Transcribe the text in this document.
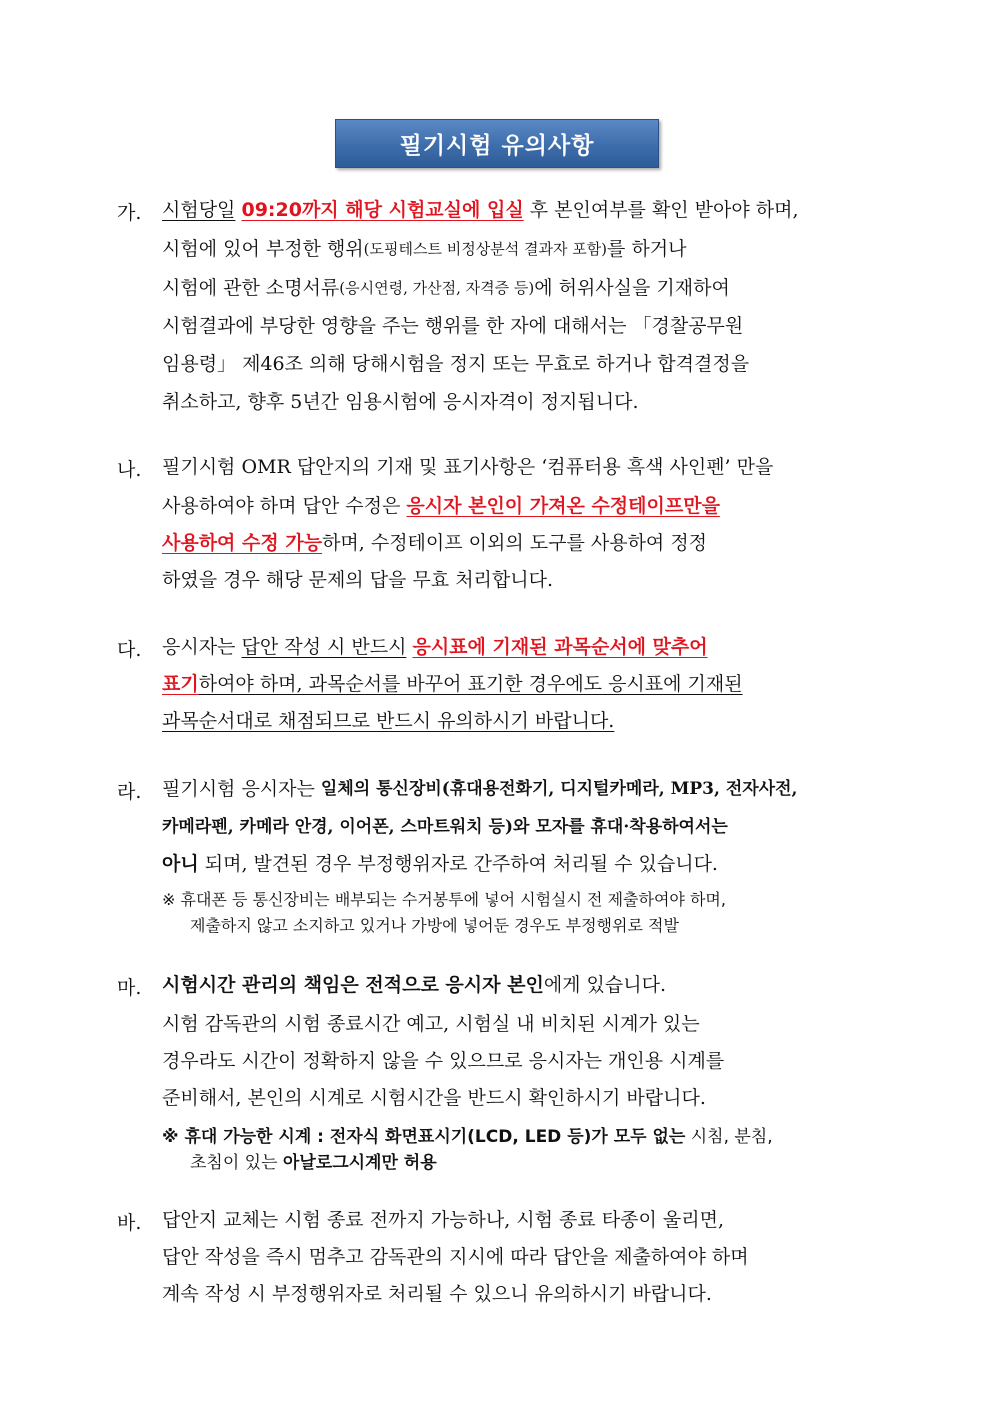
필기시험 유의사항
가. 시험당일
09:20까지 해당 시험교실에 입실
후 본인여부를 확인 받아야 하며,
시험에 있어 부정한 행위 (도핑테스트 비정상분석 결과자 포함) 를 하거나
시험에 관한 소명서류 (응시연령, 가산점, 자격증 등) 에 허위사실을 기재하여
시험결과에 부당한 영향을 주는 행위를 한 자에 대해서는 「경찰공무원
임용령」 제46조 의해 당해시험을 정지 또는 무효로 하거나 합격결정을
취소하고, 향후 5년간 임용시험에 응시자격이 정지됩니다.
나. 필기시험 OMR 답안지의 기재 및 표기사항은 ‘컴퓨터용 흑색 사인펜’ 만을
사용하여야 하며 답안 수정은
응시자 본인이 가져온 수정테이프만을
사용하여 수정 가능 하며, 수정테이프 이외의 도구를 사용하여 정정
하였을 경우 해당 문제의 답을 무효 처리합니다.
다. 응시자는
답안 작성 시 반드시
응시표에 기재된 과목순서에 맞추어
표기 하여야 하며, 과목순서를 바꾸어 표기한 경우에도 응시표에 기재된
과목순서대로 채점되므로 반드시 유의하시기 바랍니다.
라. 필기시험 응시자는
일체의 통신장비(휴대용전화기, 디지털카메라, MP3, 전자사전,
카메라펜, 카메라 안경, 이어폰, 스마트워치 등)와 모자를 휴대·착용하여서는
아니
되며, 발견된 경우 부정행위자로 간주하여 처리될 수 있습니다.
※ 휴대폰 등 통신장비는 배부되는 수거봉투에 넣어 시험실시 전 제출하여야 하며,
제출하지 않고 소지하고 있거나 가방에 넣어둔 경우도 부정행위로 적발
마. 시험시간 관리의 책임은 전적으로 응시자 본인 에게 있습니다.
시험 감독관의 시험 종료시간 예고, 시험실 내 비치된 시계가 있는
경우라도 시간이 정확하지 않을 수 있으므로 응시자는 개인용 시계를
준비해서, 본인의 시계로 시험시간을 반드시 확인하시기 바랍니다.
※ 휴대 가능한 시계 : 전자식 화면표시기(LCD, LED 등)가 모두 없는 시침, 분침,
초침이 있는 아날로그시계만 허용
바. 답안지 교체는 시험 종료 전까지 가능하나, 시험 종료 타종이 울리면,
답안 작성을 즉시 멈추고 감독관의 지시에 따라 답안을 제출하여야 하며
계속 작성 시 부정행위자로 처리될 수 있으니 유의하시기 바랍니다.
